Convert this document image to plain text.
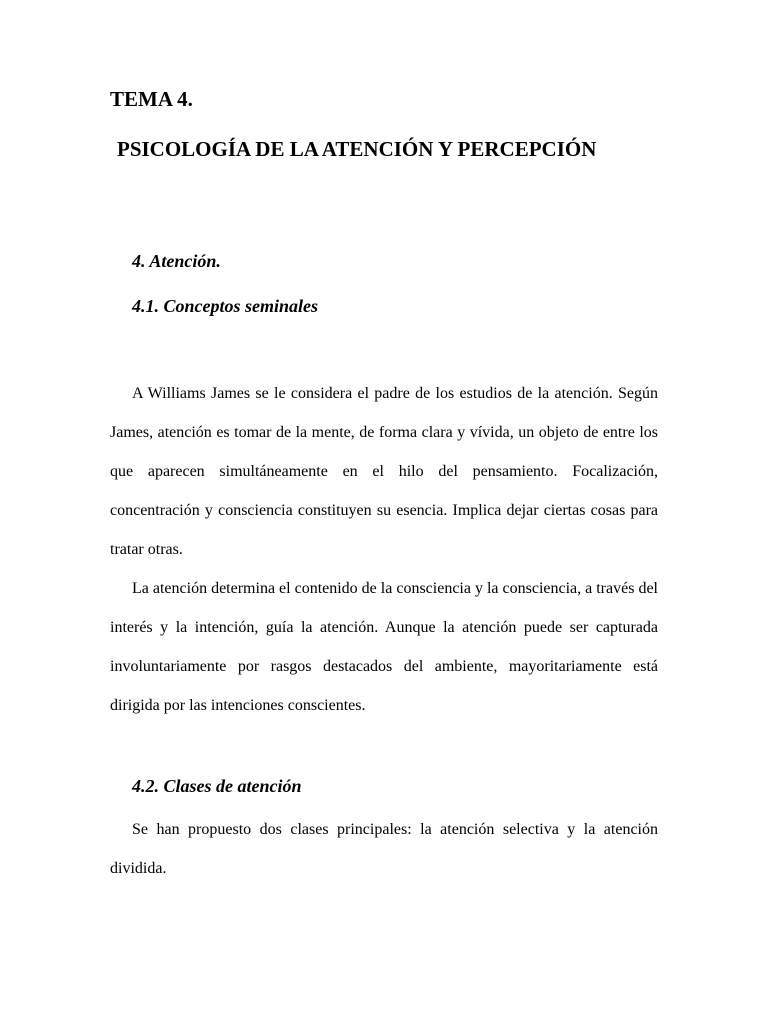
TEMA 4.
PSICOLOGÍA DE LA ATENCIÓN Y PERCEPCIÓN
4. Atención.
4.1. Conceptos seminales

A Williams James se le considera el padre de los estudios de la atención. Según James, atención es tomar de la mente, de forma clara y vívida, un objeto de entre los que aparecen simultáneamente en el hilo del pensamiento. Focalización, concentración y consciencia constituyen su esencia. Implica dejar ciertas cosas para tratar otras.

La atención determina el contenido de la consciencia y la consciencia, a través del interés y la intención, guía la atención. Aunque la atención puede ser capturada involuntariamente por rasgos destacados del ambiente, mayoritariamente está dirigida por las intenciones conscientes.

4.2. Clases de atención

Se han propuesto dos clases principales: la atención selectiva y la atención dividida.
